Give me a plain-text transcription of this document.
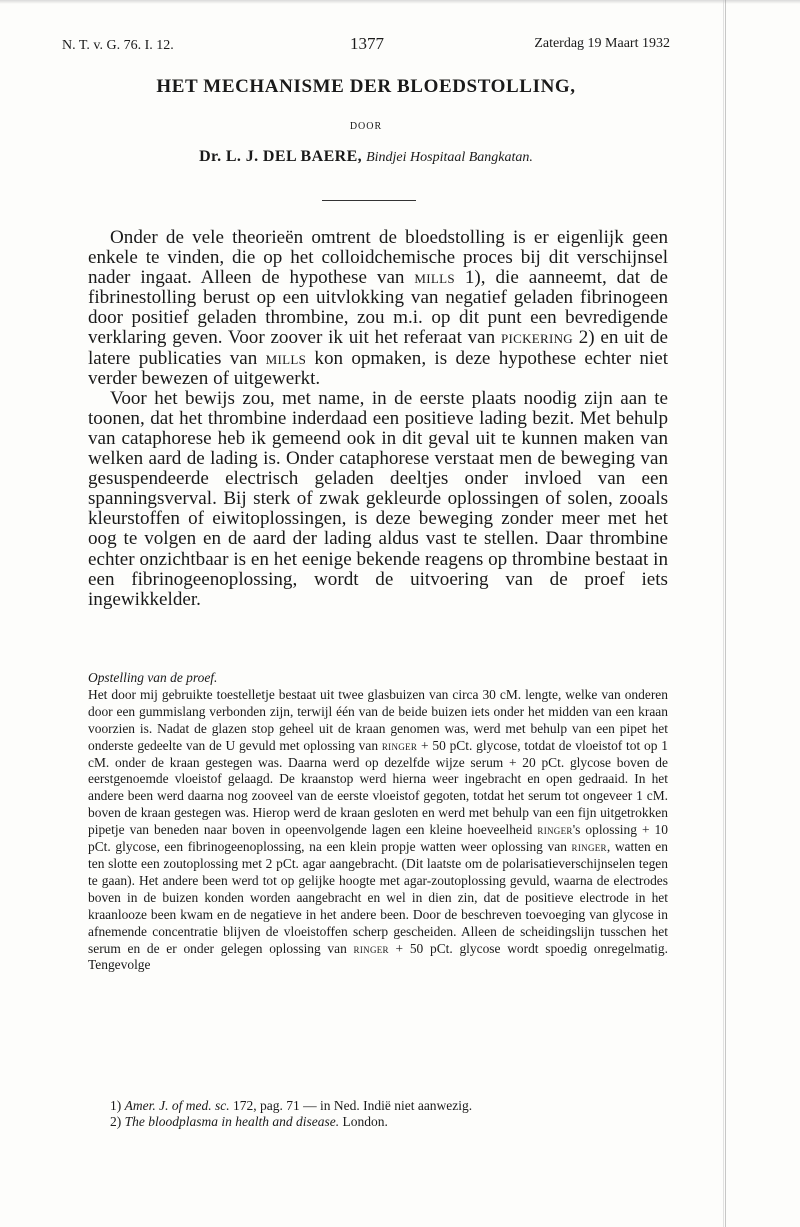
N. T. v. G. 76. I. 12.	1377	Zaterdag 19 Maart 1932
HET MECHANISME DER BLOEDSTOLLING,
DOOR
Dr. L. J. DEL BAERE, Bindjei Hospitaal Bangkatan.

Onder de vele theorieën omtrent de bloedstolling is er eigenlijk geen enkele te vinden, die op het colloidchemische proces bij dit verschijnsel nader ingaat. Alleen de hypothese van mills 1), die aanneemt, dat de fibrinestolling berust op een uitvlokking van negatief geladen fibrinogeen door positief geladen thrombine, zou m.i. op dit punt een bevredigende verklaring geven. Voor zoover ik uit het referaat van pickering 2) en uit de latere publicaties van mills kon opmaken, is deze hypothese echter niet verder bewezen of uitgewerkt.

Voor het bewijs zou, met name, in de eerste plaats noodig zijn aan te toonen, dat het thrombine inderdaad een positieve lading bezit. Met behulp van cataphorese heb ik gemeend ook in dit geval uit te kunnen maken van welken aard de lading is. Onder cataphorese verstaat men de beweging van gesuspendeerde electrisch geladen deeltjes onder invloed van een spanningsverval. Bij sterk of zwak gekleurde oplossingen of solen, zooals kleurstoffen of eiwitoplossingen, is deze beweging zonder meer met het oog te volgen en de aard der lading aldus vast te stellen. Daar thrombine echter onzichtbaar is en het eenige bekende reagens op thrombine bestaat in een fibrinogeenoplossing, wordt de uitvoering van de proef iets ingewikkelder.

Opstelling van de proef.

Het door mij gebruikte toestelletje bestaat uit twee glasbuizen van circa 30 cM. lengte, welke van onderen door een gummislang verbonden zijn, terwijl één van de beide buizen iets onder het midden van een kraan voorzien is. Nadat de glazen stop geheel uit de kraan genomen was, werd met behulp van een pipet het onderste gedeelte van de U gevuld met oplossing van ringer + 50 pCt. glycose, totdat de vloeistof tot op 1 cM. onder de kraan gestegen was. Daarna werd op dezelfde wijze serum + 20 pCt. glycose boven de eerstgenoemde vloeistof gelaagd. De kraanstop werd hierna weer ingebracht en open gedraaid. In het andere been werd daarna nog zooveel van de eerste vloeistof gegoten, totdat het serum tot ongeveer 1 cM. boven de kraan gestegen was. Hierop werd de kraan gesloten en werd met behulp van een fijn uitgetrokken pipetje van beneden naar boven in opeenvolgende lagen een kleine hoeveelheid ringer's oplossing + 10 pCt. glycose, een fibrinogeenoplossing, na een klein propje watten weer oplossing van ringer, watten en ten slotte een zoutoplossing met 2 pCt. agar aangebracht. (Dit laatste om de polarisatieverschijnselen tegen te gaan). Het andere been werd tot op gelijke hoogte met agar-zoutoplossing gevuld, waarna de electrodes boven in de buizen konden worden aangebracht en wel in dien zin, dat de positieve electrode in het kraanlooze been kwam en de negatieve in het andere been. Door de beschreven toevoeging van glycose in afnemende concentratie blijven de vloeistoffen scherp gescheiden. Alleen de scheidingslijn tusschen het serum en de er onder gelegen oplossing van ringer + 50 pCt. glycose wordt spoedig onregelmatig. Tengevolge

1) Amer. J. of med. sc. 172, pag. 71 — in Ned. Indië niet aanwezig.
2) The bloodplasma in health and disease. London.
